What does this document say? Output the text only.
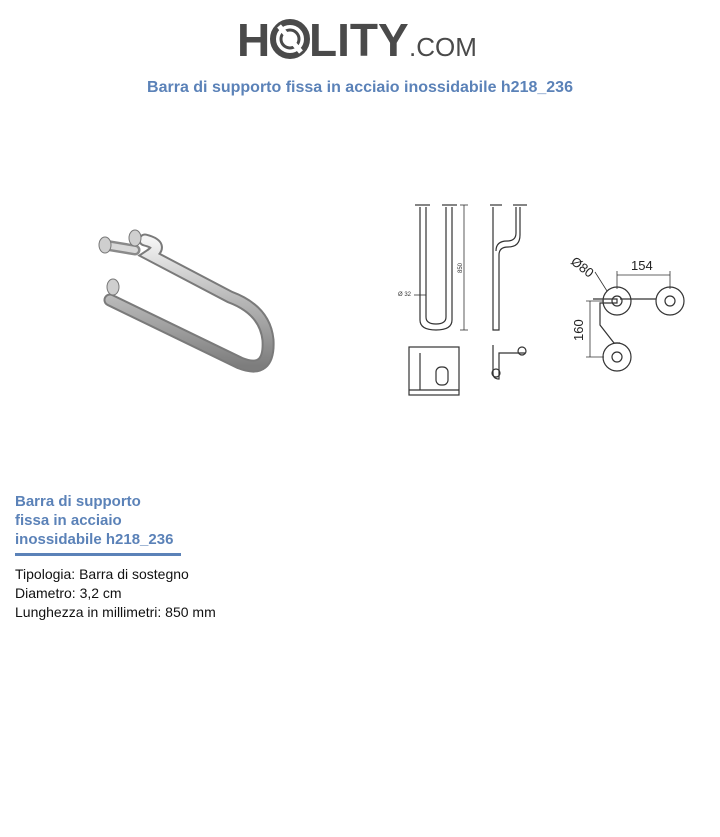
H LITY .COM
Barra di supporto fissa in acciaio inossidabile h218_236
Ø 32
850	Ø80	154
160
Barra di supporto
fissa in acciaio
inossidabile h218_236
Tipologia: Barra di sostegno
Diametro: 3,2 cm
Lunghezza in millimetri: 850 mm
